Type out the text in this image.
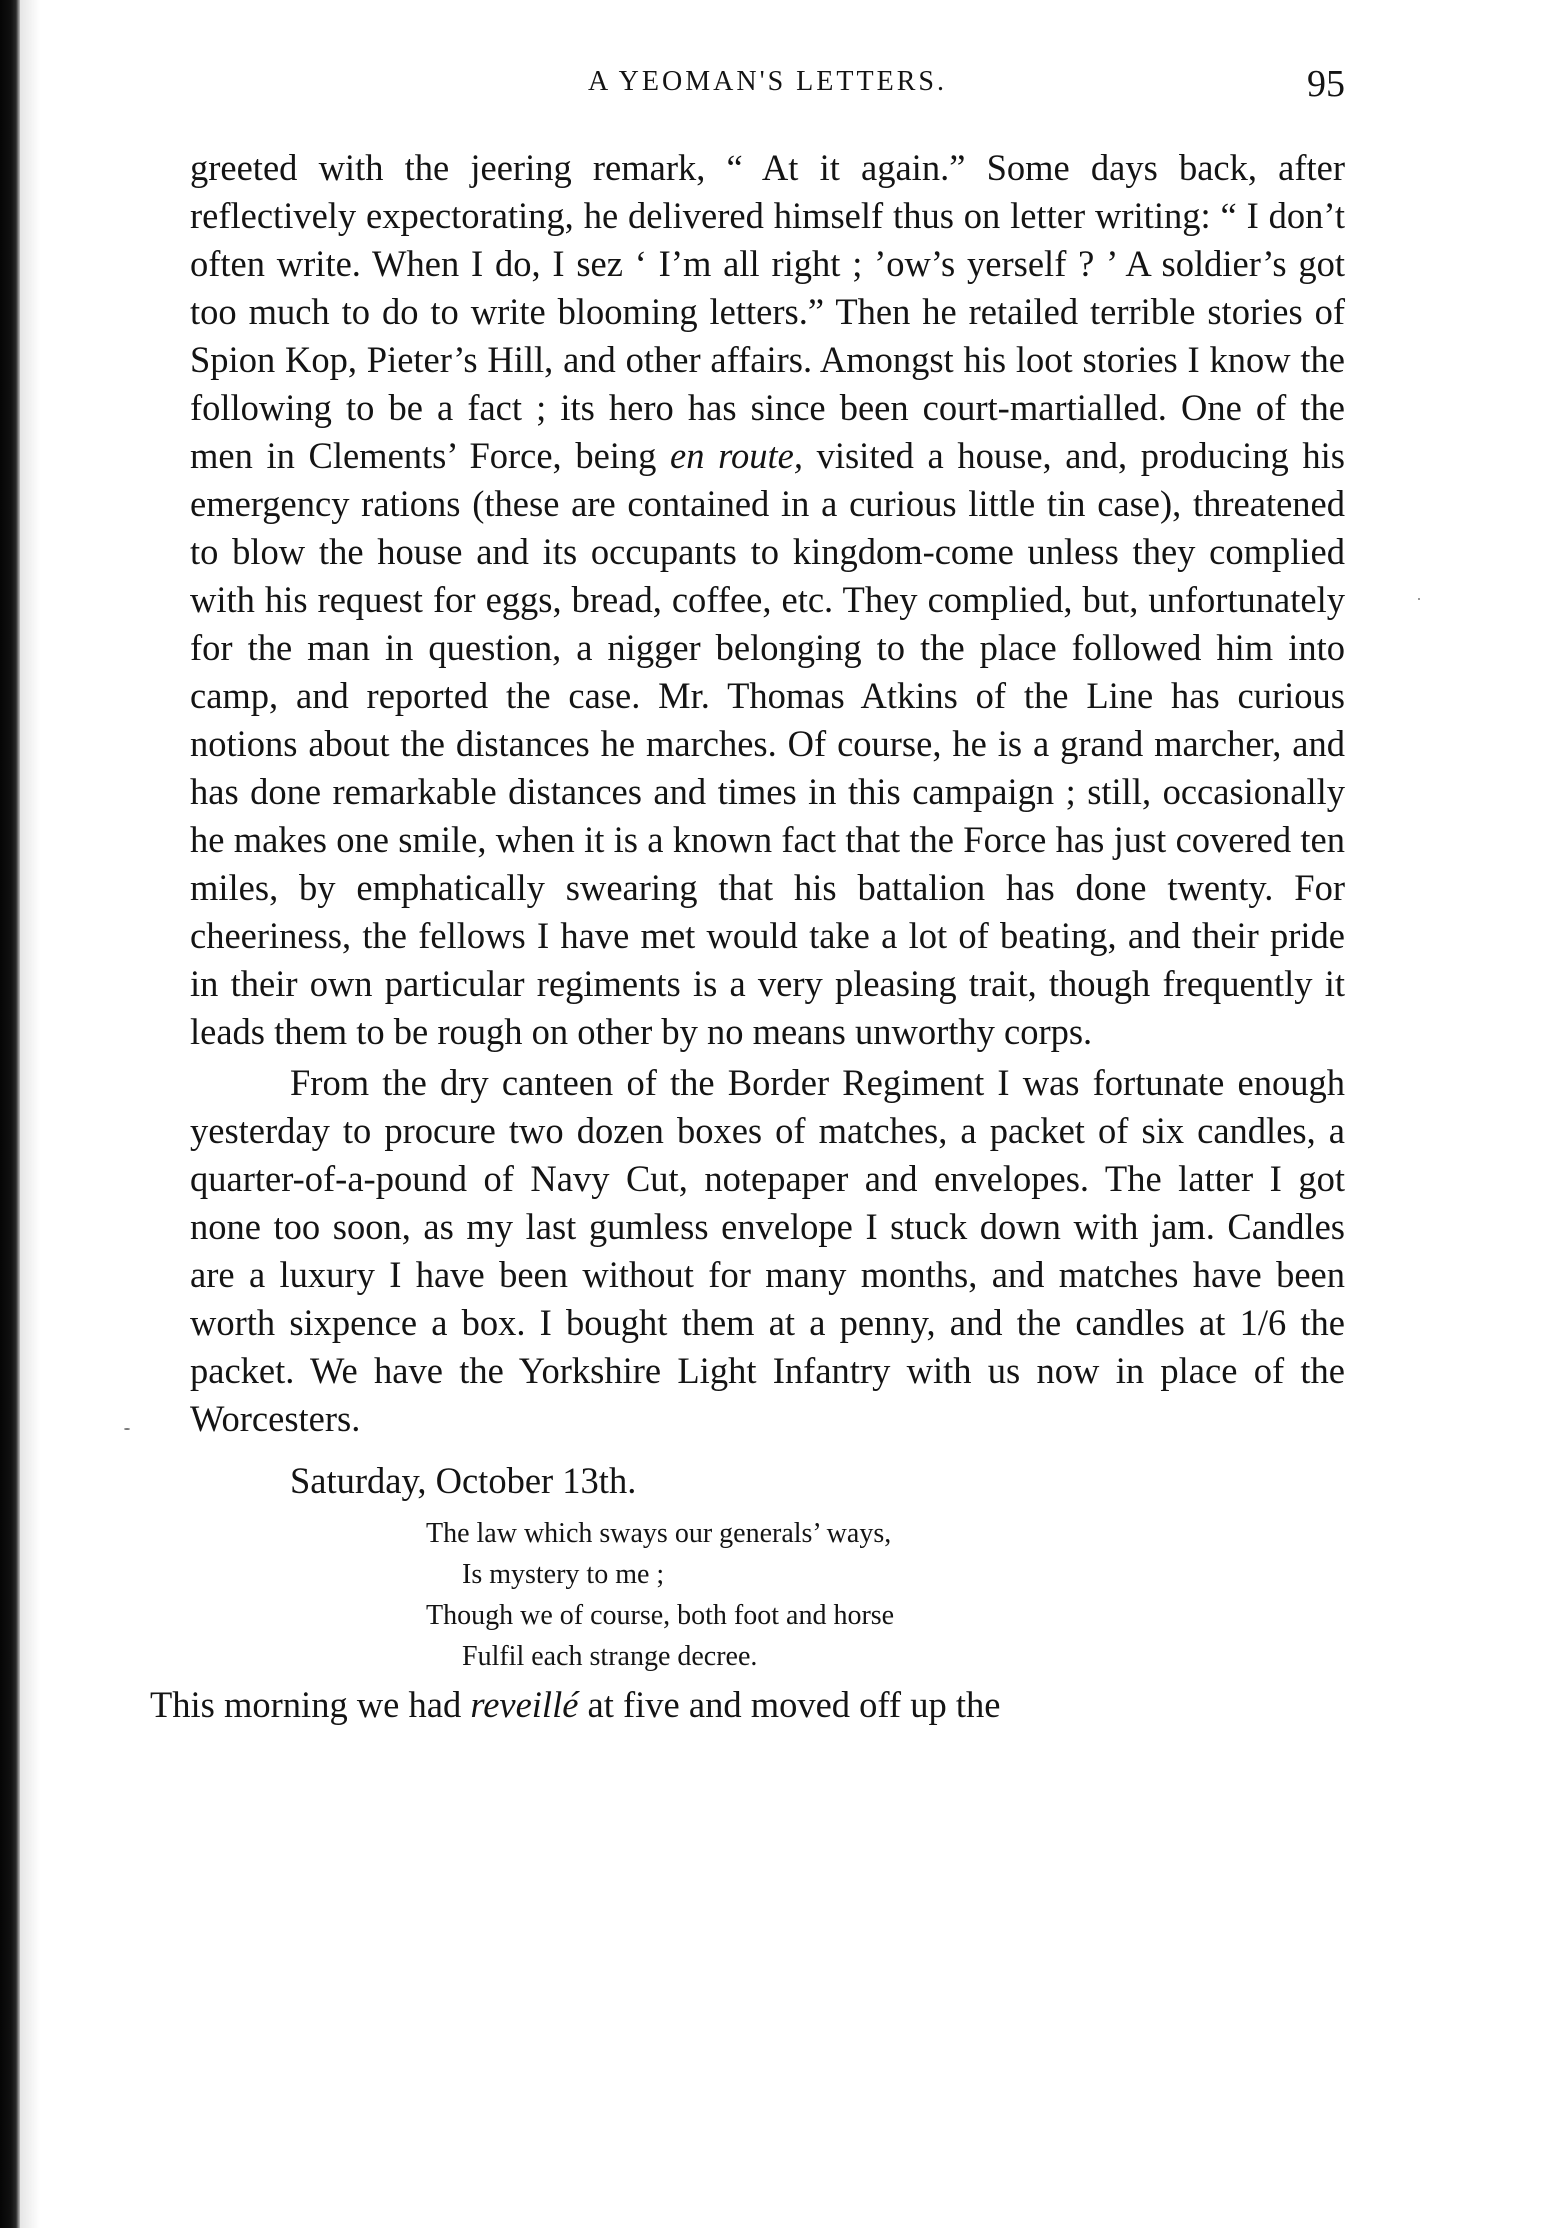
A YEOMAN'S LETTERS.	95

greeted with the jeering remark, “ At it again.” Some days back, after reflectively expectorating, he delivered himself thus on letter writing: “ I don’t often write. When I do, I sez ‘ I’m all right ; ’ow’s yerself ? ’ A soldier’s got too much to do to write blooming letters.” Then he retailed terrible stories of Spion Kop, Pieter’s Hill, and other affairs. Amongst his loot stories I know the following to be a fact ; its hero has since been court-martialled. One of the men in Clements’ Force, being en route, visited a house, and, producing his emergency rations (these are contained in a curious little tin case), threatened to blow the house and its occupants to kingdom-come unless they complied with his request for eggs, bread, coffee, etc. They complied, but, unfortunately for the man in question, a nigger belonging to the place followed him into camp, and reported the case. Mr. Thomas Atkins of the Line has curious notions about the distances he marches. Of course, he is a grand marcher, and has done remarkable distances and times in this campaign ; still, occasionally he makes one smile, when it is a known fact that the Force has just covered ten miles, by emphatically swearing that his battalion has done twenty. For cheeriness, the fellows I have met would take a lot of beating, and their pride in their own particular regiments is a very pleasing trait, though frequently it leads them to be rough on other by no means unworthy corps.

From the dry canteen of the Border Regiment I was fortunate enough yesterday to procure two dozen boxes of matches, a packet of six candles, a quarter-of-a-pound of Navy Cut, notepaper and envelopes. The latter I got none too soon, as my last gumless envelope I stuck down with jam. Candles are a luxury I have been without for many months, and matches have been worth sixpence a box. I bought them at a penny, and the candles at 1/6 the packet. We have the Yorkshire Light Infantry with us now in place of the Worcesters.

Saturday, October 13th.
The law which sways our generals’ ways,
Is mystery to me ;
Though we of course, both foot and horse
Fulfil each strange decree.

This morning we had reveillé at five and moved off up the
